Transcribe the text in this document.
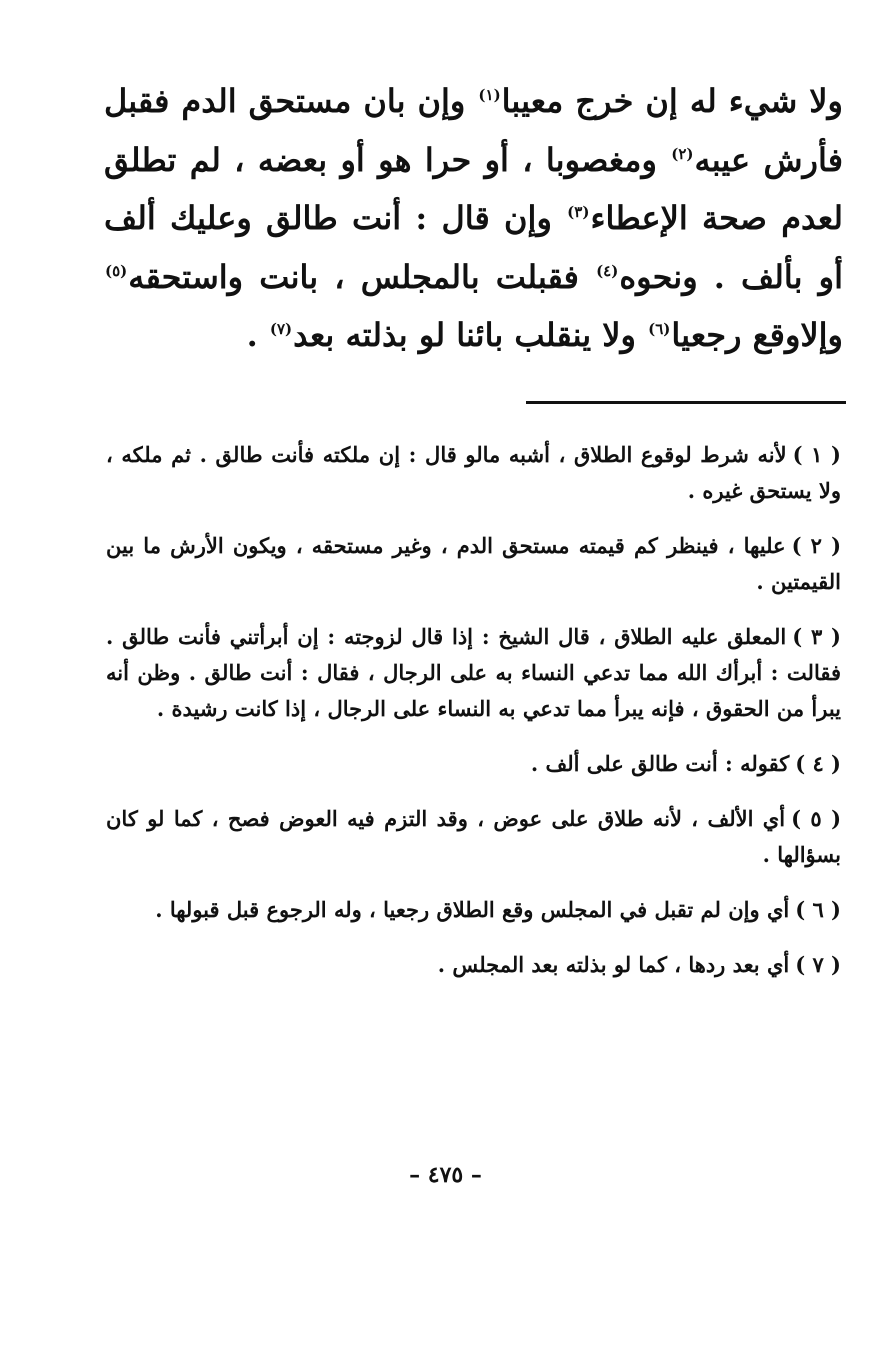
ولا شيء له إن خرج معيبا$^{(١)}$ وإن بان مستحق الدم فقبل فأرش عيبه$^{(٢)}$ ومغصوبا ، أو حرا هو أو بعضه ، لم تطلق لعدم صحة الإعطاء$^{(٣)}$ وإن قال : أنت طالق وعليك ألف أو بألف . ونحوه$^{(٤)}$ فقبلت بالمجلس ، بانت واستحقه$^{(٥)}$ وإلاوقع رجعيا$^{(٦)}$ ولا ينقلب بائنا لو بذلته بعد$^{(٧)}$ .

( ١ )لأنه شرط لوقوع الطلاق ، أشبه مالو قال : إن ملكته فأنت طالق . ثم ملكه ، ولا يستحق غيره .

( ٢ )عليها ، فينظر كم قيمته مستحق الدم ، وغير مستحقه ، ويكون الأرش ما بين القيمتين .

( ٣ )المعلق عليه الطلاق ، قال الشيخ : إذا قال لزوجته : إن أبرأتني فأنت طالق . فقالت : أبرأك الله مما تدعي النساء به على الرجال ، فقال : أنت طالق . وظن أنه يبرأ من الحقوق ، فإنه يبرأ مما تدعي به النساء على الرجال ، إذا كانت رشيدة .

( ٤ )كقوله : أنت طالق على ألف .

( ٥ )أي الألف ، لأنه طلاق على عوض ، وقد التزم فيه العوض فصح ، كما لو كان بسؤالها .

( ٦ )أي وإن لم تقبل في المجلس وقع الطلاق رجعيا ، وله الرجوع قبل قبولها .

( ٧ )أي بعد ردها ، كما لو بذلته بعد المجلس .

– ٤٧٥ –
